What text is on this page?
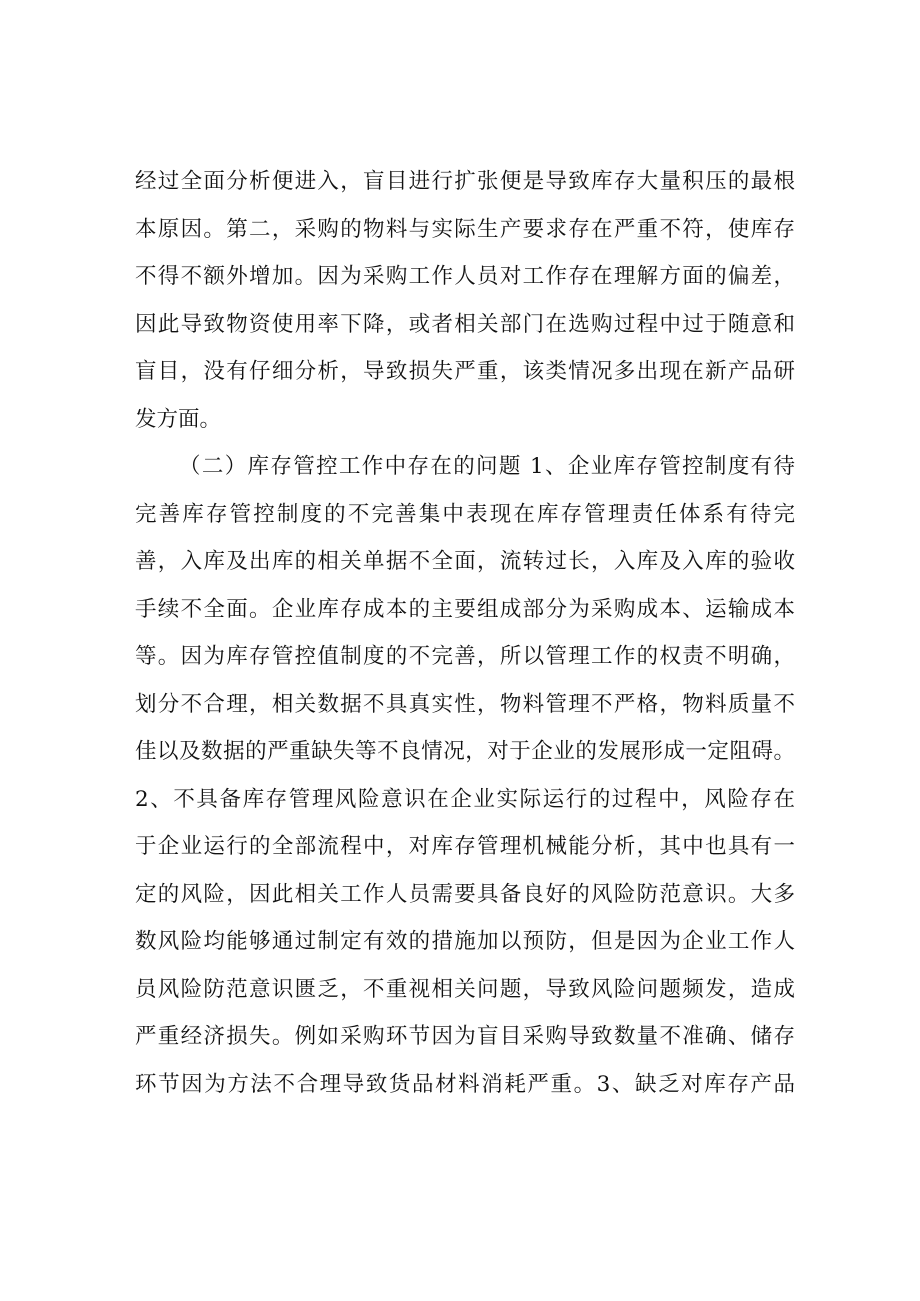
经过全面分析便进入，盲目进行扩张便是导致库存大量积压的最根
本原因。第二，采购的物料与实际生产要求存在严重不符，使库存
不得不额外增加。因为采购工作人员对工作存在理解方面的偏差，
因此导致物资使用率下降，或者相关部门在选购过程中过于随意和
盲目，没有仔细分析，导致损失严重，该类情况多出现在新产品研
发方面。
（二）库存管控工作中存在的问题 1、企业库存管控制度有待
完善库存管控制度的不完善集中表现在库存管理责任体系有待完
善，入库及出库的相关单据不全面，流转过长，入库及入库的验收
手续不全面。企业库存成本的主要组成部分为采购成本、运输成本
等。因为库存管控值制度的不完善，所以管理工作的权责不明确，
划分不合理，相关数据不具真实性，物料管理不严格，物料质量不
佳以及数据的严重缺失等不良情况，对于企业的发展形成一定阻碍。
2、不具备库存管理风险意识在企业实际运行的过程中，风险存在
于企业运行的全部流程中，对库存管理机械能分析，其中也具有一
定的风险，因此相关工作人员需要具备良好的风险防范意识。大多
数风险均能够通过制定有效的措施加以预防，但是因为企业工作人
员风险防范意识匮乏，不重视相关问题，导致风险问题频发，造成
严重经济损失。例如采购环节因为盲目采购导致数量不准确、储存
环节因为方法不合理导致货品材料消耗严重。3、缺乏对库存产品
